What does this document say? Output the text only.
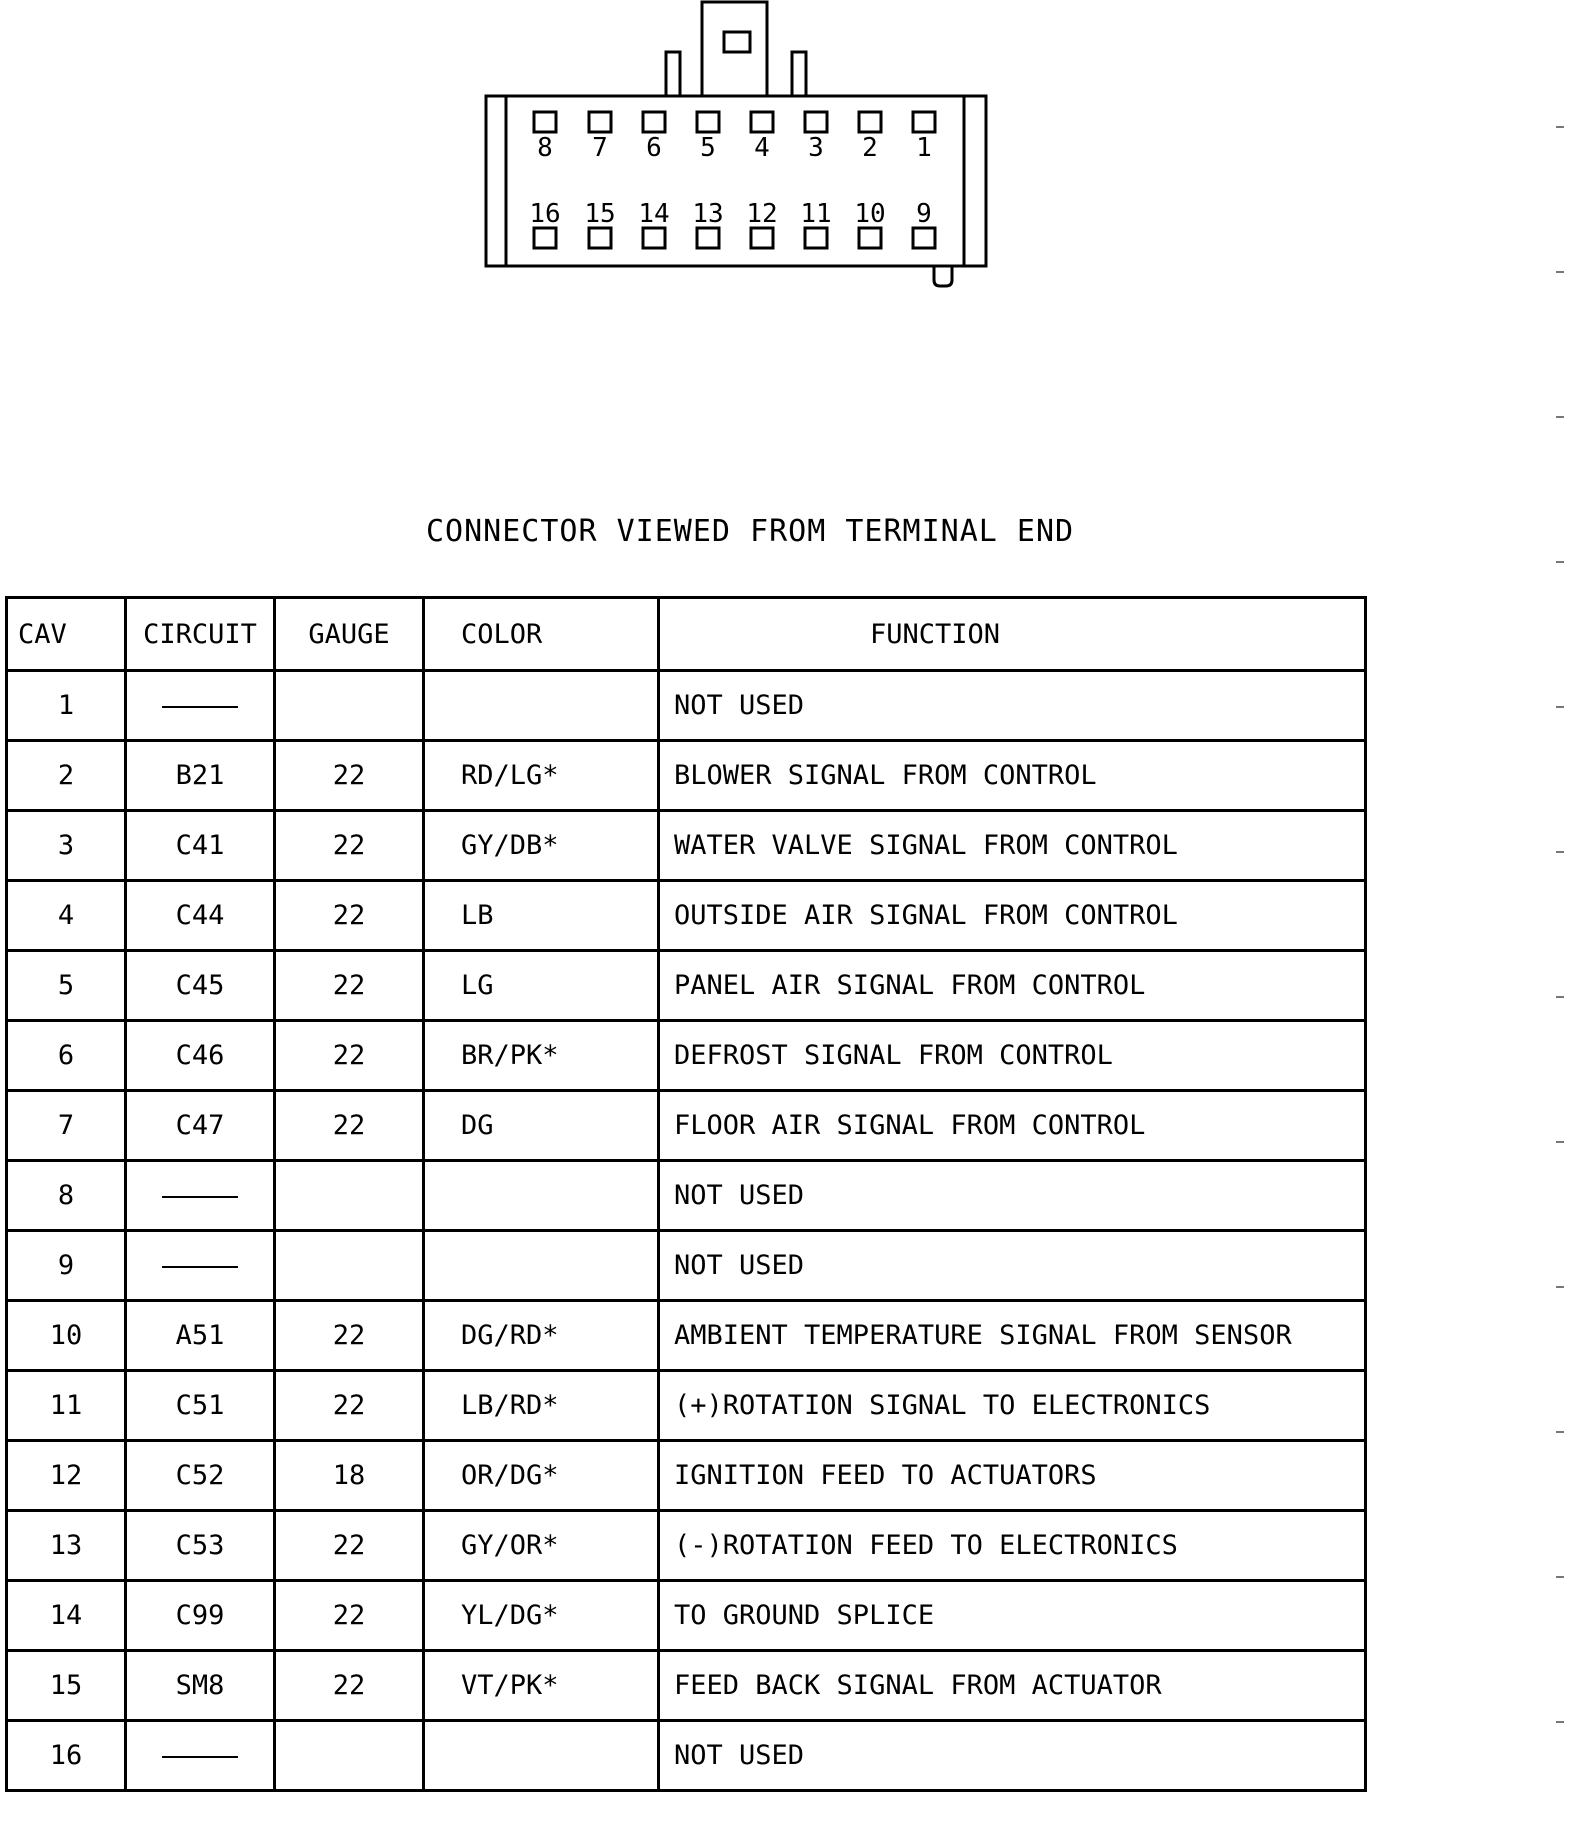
8 7 6 5 4 3 2 1
16 15 14 13 12 11 10 9
CONNECTOR VIEWED FROM TERMINAL END
CAV	CIRCUIT	GAUGE	COLOR	FUNCTION
1				NOT USED
2	B21	22	RD/LG*	BLOWER SIGNAL FROM CONTROL
3	C41	22	GY/DB*	WATER VALVE SIGNAL FROM CONTROL
4	C44	22	LB	OUTSIDE AIR SIGNAL FROM CONTROL
5	C45	22	LG	PANEL AIR SIGNAL FROM CONTROL
6	C46	22	BR/PK*	DEFROST SIGNAL FROM CONTROL
7	C47	22	DG	FLOOR AIR SIGNAL FROM CONTROL
8				NOT USED
9				NOT USED
10	A51	22	DG/RD*	AMBIENT TEMPERATURE SIGNAL FROM SENSOR
11	C51	22	LB/RD*	(+)ROTATION SIGNAL TO ELECTRONICS
12	C52	18	OR/DG*	IGNITION FEED TO ACTUATORS
13	C53	22	GY/OR*	(-)ROTATION FEED TO ELECTRONICS
14	C99	22	YL/DG*	TO GROUND SPLICE
15	SM8	22	VT/PK*	FEED BACK SIGNAL FROM ACTUATOR
16				NOT USED
